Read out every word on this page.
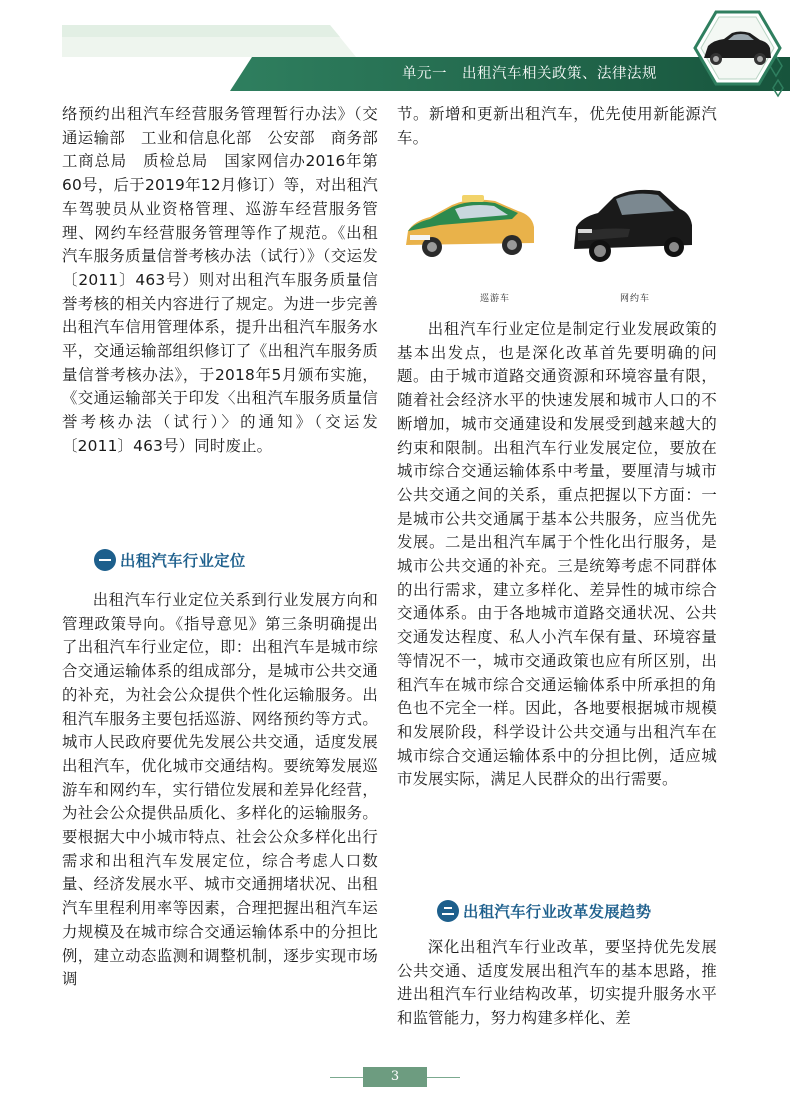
单元一　出租汽车相关政策、法律法规

络预约出租汽车经营服务管理暂行办法》（交通运输部　工业和信息化部　公安部　商务部　工商总局　质检总局　国家网信办2016年第60号，后于2019年12月修订）等，对出租汽车驾驶员从业资格管理、巡游车经营服务管理、网约车经营服务管理等作了规范。《出租汽车服务质量信誉考核办法（试行）》（交运发〔2011〕463号）则对出租汽车服务质量信誉考核的相关内容进行了规定。为进一步完善出租汽车信用管理体系，提升出租汽车服务水平，交通运输部组织修订了《出租汽车服务质量信誉考核办法》，于2018年5月颁布实施，《交通运输部关于印发〈出租汽车服务质量信誉考核办法（试行）〉的通知》（交运发〔2011〕463号）同时废止。

出租汽车行业定位

出租汽车行业定位关系到行业发展方向和管理政策导向。《指导意见》第三条明确提出了出租汽车行业定位，即：出租汽车是城市综合交通运输体系的组成部分，是城市公共交通的补充，为社会公众提供个性化运输服务。出租汽车服务主要包括巡游、网络预约等方式。城市人民政府要优先发展公共交通，适度发展出租汽车，优化城市交通结构。要统筹发展巡游车和网约车，实行错位发展和差异化经营，为社会公众提供品质化、多样化的运输服务。要根据大中小城市特点、社会公众多样化出行需求和出租汽车发展定位，综合考虑人口数量、经济发展水平、城市交通拥堵状况、出租汽车里程利用率等因素，合理把握出租汽车运力规模及在城市综合交通运输体系中的分担比例，建立动态监测和调整机制，逐步实现市场调

节。新增和更新出租汽车，优先使用新能源汽车。

巡游车	网约车

出租汽车行业定位是制定行业发展政策的基本出发点，也是深化改革首先要明确的问题。由于城市道路交通资源和环境容量有限，随着社会经济水平的快速发展和城市人口的不断增加，城市交通建设和发展受到越来越大的约束和限制。出租汽车行业发展定位，要放在城市综合交通运输体系中考量，要厘清与城市公共交通之间的关系，重点把握以下方面：一是城市公共交通属于基本公共服务，应当优先发展。二是出租汽车属于个性化出行服务，是城市公共交通的补充。三是统筹考虑不同群体的出行需求，建立多样化、差异性的城市综合交通体系。由于各地城市道路交通状况、公共交通发达程度、私人小汽车保有量、环境容量等情况不一，城市交通政策也应有所区别，出租汽车在城市综合交通运输体系中所承担的角色也不完全一样。因此，各地要根据城市规模和发展阶段，科学设计公共交通与出租汽车在城市综合交通运输体系中的分担比例，适应城市发展实际，满足人民群众的出行需要。

出租汽车行业改革发展趋势

深化出租汽车行业改革，要坚持优先发展公共交通、适度发展出租汽车的基本思路，推进出租汽车行业结构改革，切实提升服务水平和监管能力，努力构建多样化、差

3
